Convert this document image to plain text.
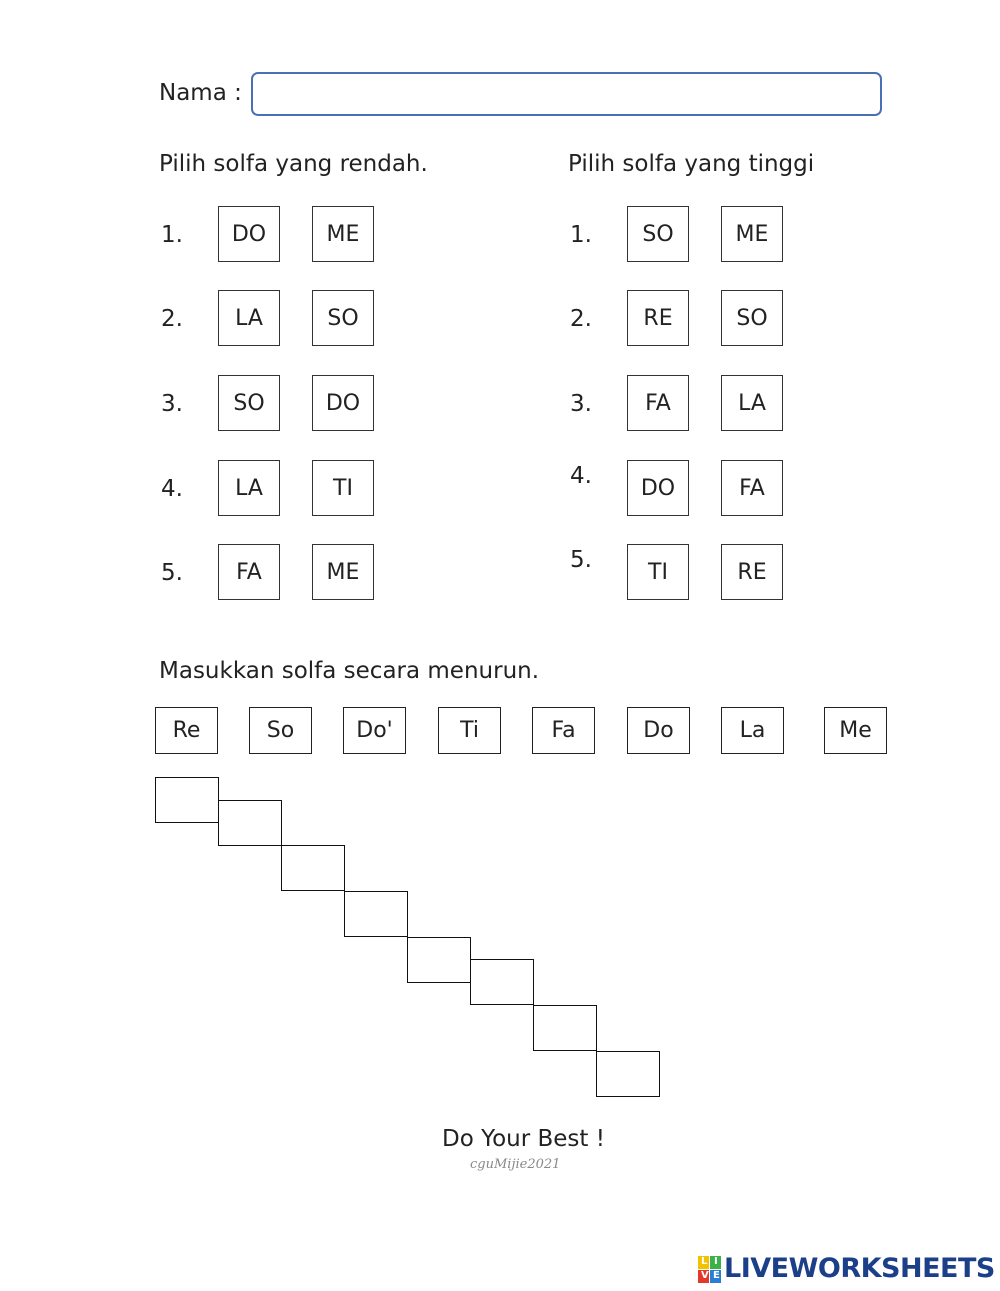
Nama :
Pilih solfa yang rendah.	Pilih solfa yang tinggi
1.	DO	ME
2.	LA	SO
3.	SO	DO
4.	LA	TI
5.	FA	ME
1.	SO	ME
2.	RE	SO
3.	FA	LA
4.	DO	FA
5.	TI	RE
Masukkan solfa secara menurun.
Re	So	Do'	Ti	Fa	Do	La	Me
Do Your Best !
cguMijie2021
L I
V E LIVEWORKSHEETS
